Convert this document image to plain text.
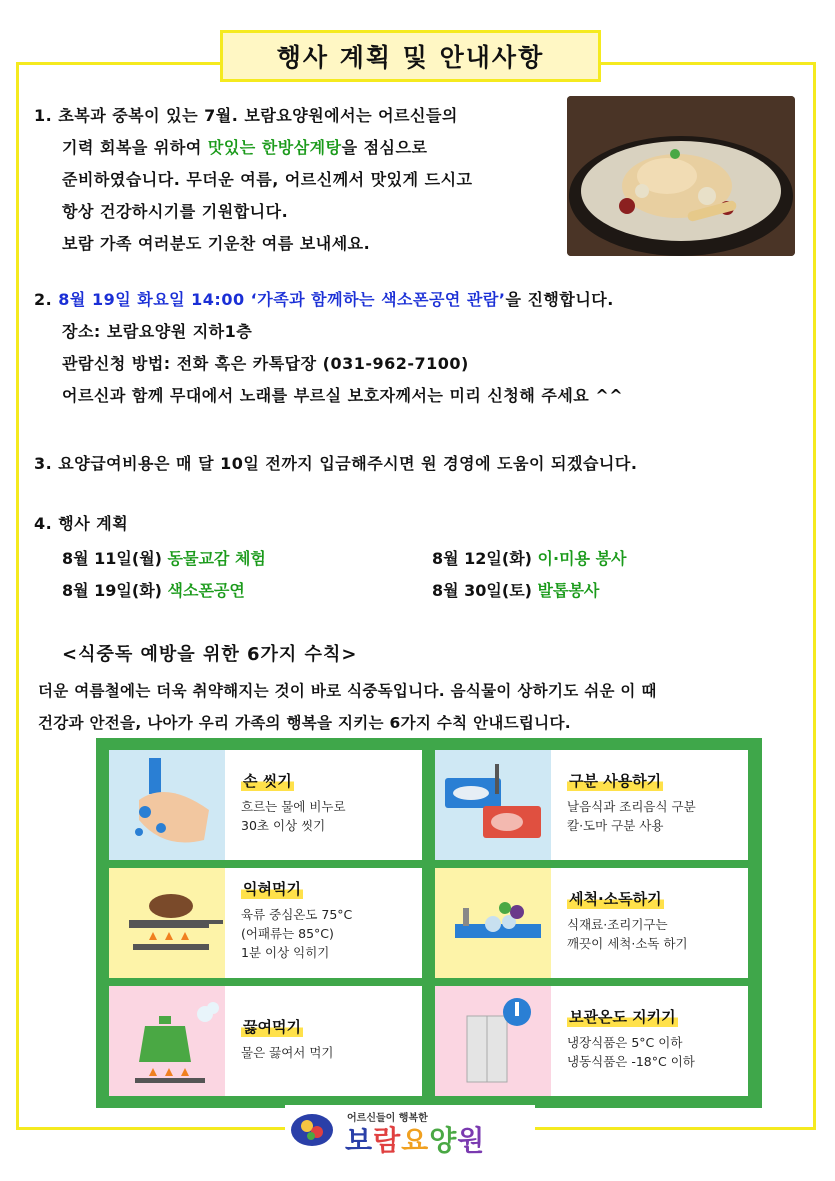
행사 계획 및 안내사항
1. 초복과 중복이 있는 7월. 보람요양원에서는 어르신들의
기력 회복을 위하여 맛있는 한방삼계탕을 점심으로
준비하였습니다. 무더운 여름, 어르신께서 맛있게 드시고
항상 건강하시기를 기원합니다.
보람 가족 여러분도 기운찬 여름 보내세요.
2. 8월 19일 화요일 14:00 ‘가족과 함께하는 색소폰공연 관람’을 진행합니다.
장소: 보람요양원 지하1층
관람신청 방법: 전화 혹은 카톡답장 (031-962-7100)
어르신과 함께 무대에서 노래를 부르실 보호자께서는 미리 신청해 주세요 ^^
3. 요양급여비용은 매 달 10일 전까지 입금해주시면 원 경영에 도움이 되겠습니다.
4. 행사 계획
8월 11일(월) 동물교감 체험	8월 12일(화) 이·미용 봉사
8월 19일(화) 색소폰공연	8월 30일(토) 발톱봉사
<식중독 예방을 위한 6가지 수칙>
더운 여름철에는 더욱 취약해지는 것이 바로 식중독입니다. 음식물이 상하기도 쉬운 이 때
건강과 안전을, 나아가 우리 가족의 행복을 지키는 6가지 수칙 안내드립니다.
손 씻기
흐르는 물에 비누로
30초 이상 씻기
구분 사용하기
날음식과 조리음식 구분
칼·도마 구분 사용
익혀먹기
육류 중심온도 75°C
(어패류는 85°C)
1분 이상 익히기
세척·소독하기
식재료·조리기구는
깨끗이 세척·소독 하기
끓여먹기
물은 끓여서 먹기
보관온도 지키기
냉장식품은 5°C 이하
냉동식품은 -18°C 이하
어르신들이 행복한
보람요양원
